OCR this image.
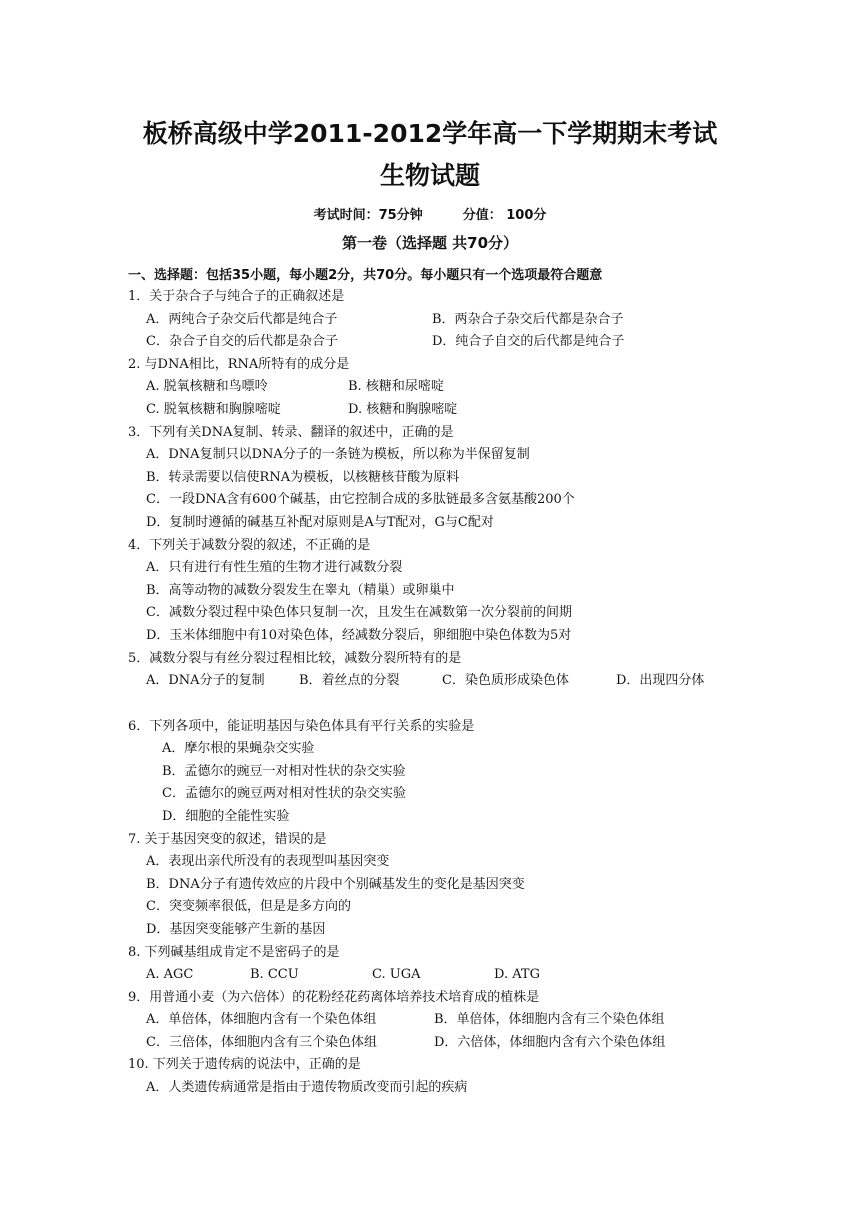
板桥高级中学2011-2012学年高一下学期期末考试
生物试题
考试时间：75分钟	分值： 100分
第一卷（选择题 共70分）
一、选择题：包括35小题，每小题2分，共70分。每小题只有一个选项最符合题意
1．关于杂合子与纯合子的正确叙述是
A．两纯合子杂交后代都是纯合子	B．两杂合子杂交后代都是杂合子
C．杂合子自交的后代都是杂合子	D．纯合子自交的后代都是纯合子
2. 与DNA相比，RNA所特有的成分是
A. 脱氧核糖和鸟嘌呤	B. 核糖和尿嘧啶
C. 脱氧核糖和胸腺嘧啶	D. 核糖和胸腺嘧啶
3．下列有关DNA复制、转录、翻译的叙述中，正确的是
A．DNA复制只以DNA分子的一条链为模板，所以称为半保留复制
B．转录需要以信使RNA为模板，以核糖核苷酸为原料
C．一段DNA含有600个碱基，由它控制合成的多肽链最多含氨基酸200个
D．复制时遵循的碱基互补配对原则是A与T配对，G与C配对
4．下列关于减数分裂的叙述，不正确的是
A．只有进行有性生殖的生物才进行减数分裂
B．高等动物的减数分裂发生在睾丸（精巢）或卵巢中
C．减数分裂过程中染色体只复制一次，且发生在减数第一次分裂前的间期
D．玉米体细胞中有10对染色体，经减数分裂后，卵细胞中染色体数为5对
5．减数分裂与有丝分裂过程相比较，减数分裂所特有的是
A．DNA分子的复制	B．着丝点的分裂	C．染色质形成染色体	D．出现四分体
6．下列各项中，能证明基因与染色体具有平行关系的实验是
A．摩尔根的果蝇杂交实验
B．孟德尔的豌豆一对相对性状的杂交实验
C．孟德尔的豌豆两对相对性状的杂交实验
D．细胞的全能性实验
7. 关于基因突变的叙述，错误的是
A．表现出亲代所没有的表现型叫基因突变
B．DNA分子有遗传效应的片段中个别碱基发生的变化是基因突变
C．突变频率很低，但是是多方向的
D．基因突变能够产生新的基因
8. 下列碱基组成肯定不是密码子的是
A. AGC	B. CCU	C. UGA	D. ATG
9．用普通小麦（为六倍体）的花粉经花药离体培养技术培育成的植株是
A．单倍体，体细胞内含有一个染色体组	B．单倍体，体细胞内含有三个染色体组
C．三倍体，体细胞内含有三个染色体组	D．六倍体，体细胞内含有六个染色体组
10. 下列关于遗传病的说法中，正确的是
A．人类遗传病通常是指由于遗传物质改变而引起的疾病
